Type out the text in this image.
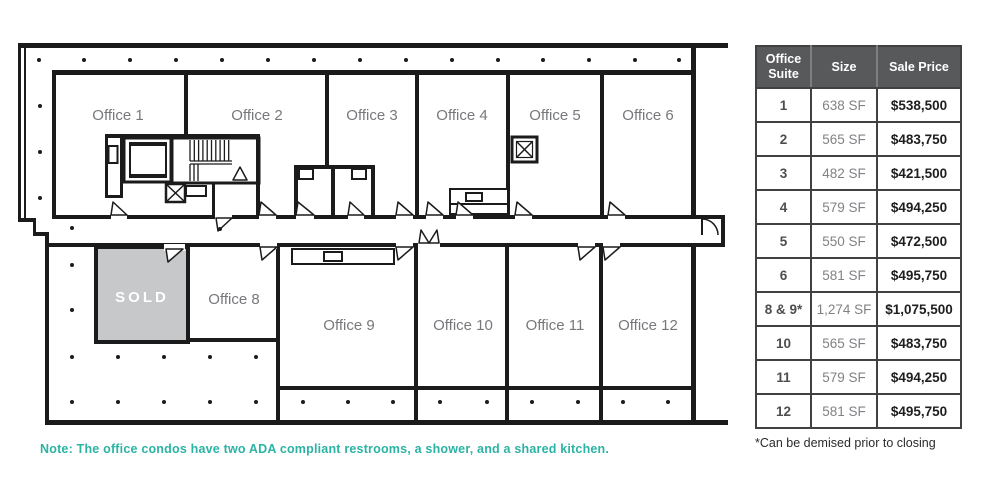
Office 1	Office 2	Office 3	Office 4	Office 5	Office 6
SOLD	Office 8
Office 9	Office 10 Office 11 Office 12
Note: The office condos have two ADA compliant restrooms, a shower, and a shared kitchen.
Office Suite	Size	Sale Price
1	638 SF	$538,500
2	565 SF	$483,750
3	482 SF	$421,500
4	579 SF	$494,250
5	550 SF	$472,500
6	581 SF	$495,750
8 & 9*	1,274 SF	$1,075,500
10	565 SF	$483,750
11	579 SF	$494,250
12	581 SF	$495,750
*Can be demised prior to closing
